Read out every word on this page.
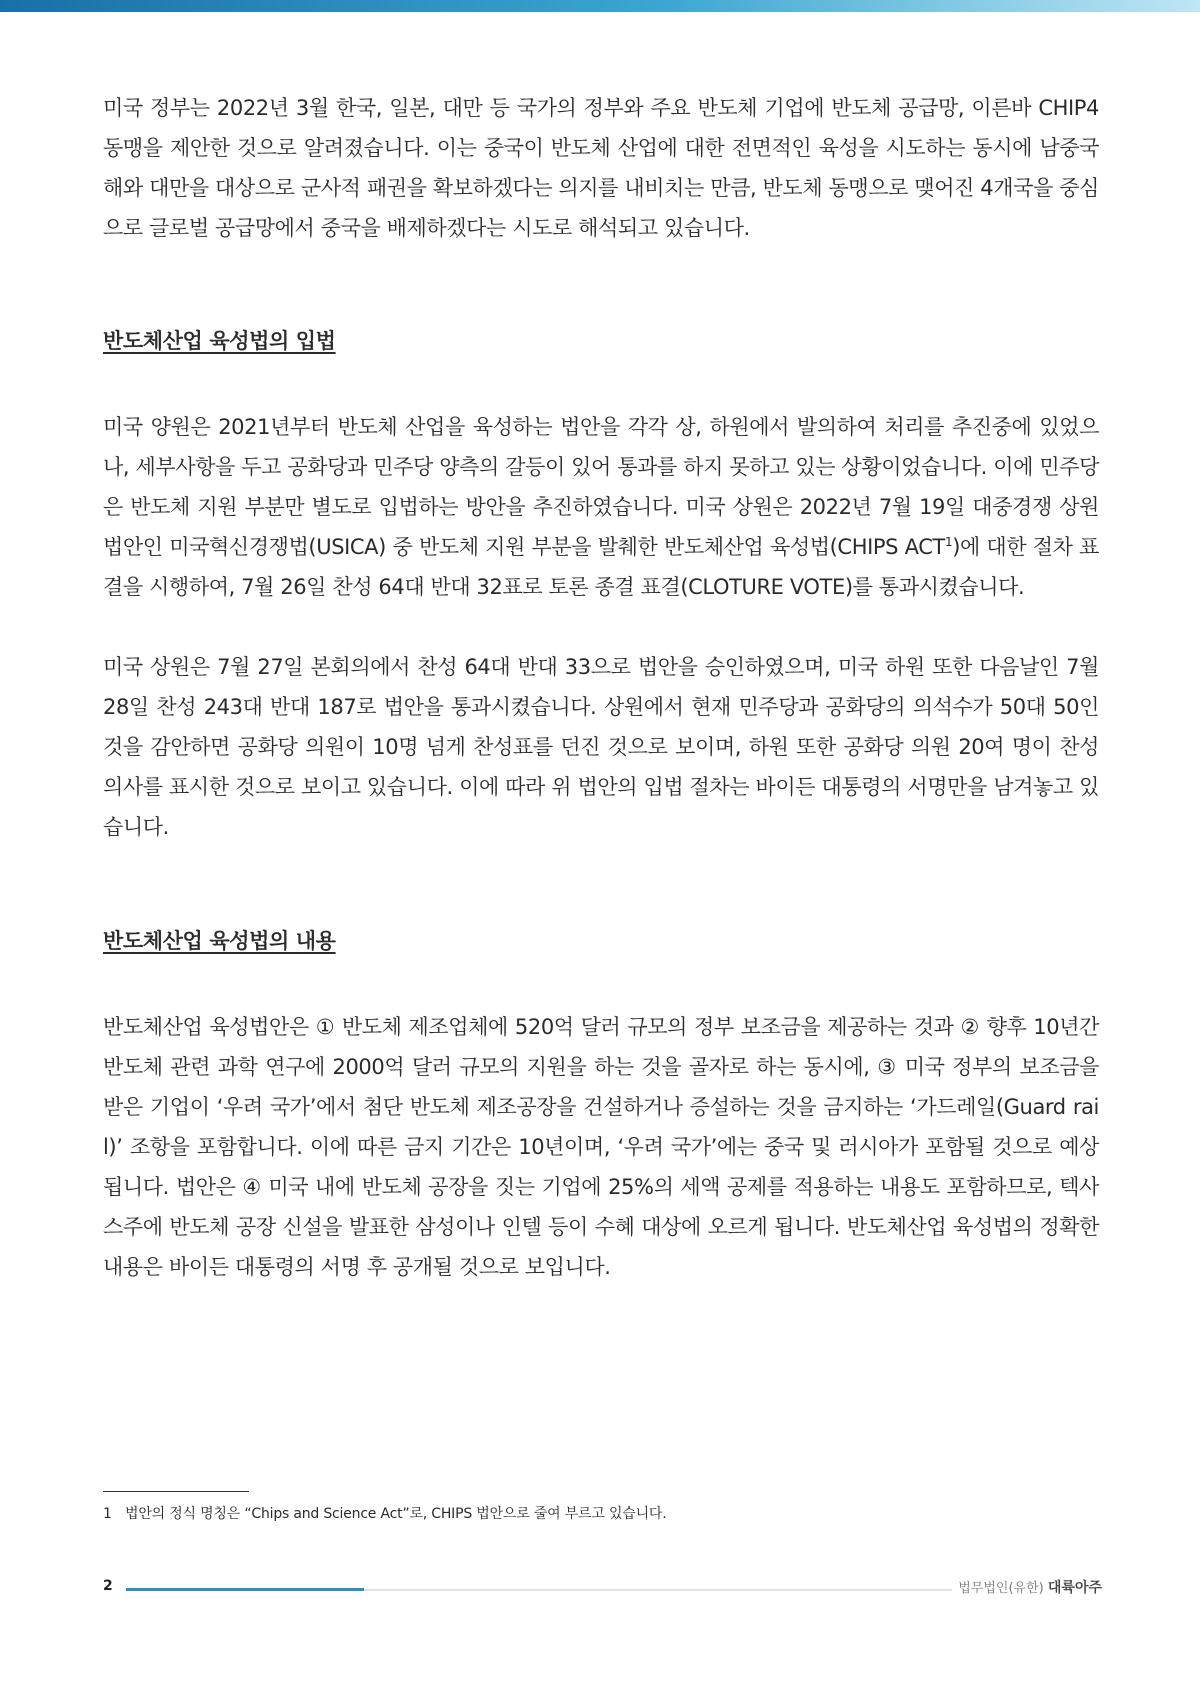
미국 정부는 2022년 3월 한국, 일본, 대만 등 국가의 정부와 주요 반도체 기업에 반도체 공급망, 이른바 CHIP4 동맹을 제안한 것으로 알려졌습니다. 이는 중국이 반도체 산업에 대한 전면적인 육성을 시도하는 동시에 남중국해와 대만을 대상으로 군사적 패권을 확보하겠다는 의지를 내비치는 만큼, 반도체 동맹으로 맺어진 4개국을 중심으로 글로벌 공급망에서 중국을 배제하겠다는 시도로 해석되고 있습니다.

반도체산업 육성법의 입법

미국 양원은 2021년부터 반도체 산업을 육성하는 법안을 각각 상, 하원에서 발의하여 처리를 추진중에 있었으나, 세부사항을 두고 공화당과 민주당 양측의 갈등이 있어 통과를 하지 못하고 있는 상황이었습니다. 이에 민주당은 반도체 지원 부분만 별도로 입법하는 방안을 추진하였습니다. 미국 상원은 2022년 7월 19일 대중경쟁 상원 법안인 미국혁신경쟁법(USICA) 중 반도체 지원 부분을 발췌한 반도체산업 육성법(CHIPS ACT$^1$)에 대한 절차 표결을 시행하여, 7월 26일 찬성 64대 반대 32표로 토론 종결 표결(CLOTURE VOTE)를 통과시켰습니다.

미국 상원은 7월 27일 본회의에서 찬성 64대 반대 33으로 법안을 승인하였으며, 미국 하원 또한 다음날인 7월 28일 찬성 243대 반대 187로 법안을 통과시켰습니다. 상원에서 현재 민주당과 공화당의 의석수가 50대 50인 것을 감안하면 공화당 의원이 10명 넘게 찬성표를 던진 것으로 보이며, 하원 또한 공화당 의원 20여 명이 찬성 의사를 표시한 것으로 보이고 있습니다. 이에 따라 위 법안의 입법 절차는 바이든 대통령의 서명만을 남겨놓고 있습니다.

반도체산업 육성법의 내용

반도체산업 육성법안은 ① 반도체 제조업체에 520억 달러 규모의 정부 보조금을 제공하는 것과 ② 향후 10년간 반도체 관련 과학 연구에 2000억 달러 규모의 지원을 하는 것을 골자로 하는 동시에, ③ 미국 정부의 보조금을 받은 기업이 ‘우려 국가’에서 첨단 반도체 제조공장을 건설하거나 증설하는 것을 금지하는 ‘가드레일(Guard rail)’ 조항을 포함합니다. 이에 따른 금지 기간은 10년이며, ‘우려 국가’에는 중국 및 러시아가 포함될 것으로 예상됩니다. 법안은 ④ 미국 내에 반도체 공장을 짓는 기업에 25%의 세액 공제를 적용하는 내용도 포함하므로, 텍사스주에 반도체 공장 신설을 발표한 삼성이나 인텔 등이 수혜 대상에 오르게 됩니다. 반도체산업 육성법의 정확한 내용은 바이든 대통령의 서명 후 공개될 것으로 보입니다.

1 법안의 정식 명칭은 “Chips and Science Act”로, CHIPS 법안으로 줄여 부르고 있습니다.
2	법무법인(유한) 대륙아주
